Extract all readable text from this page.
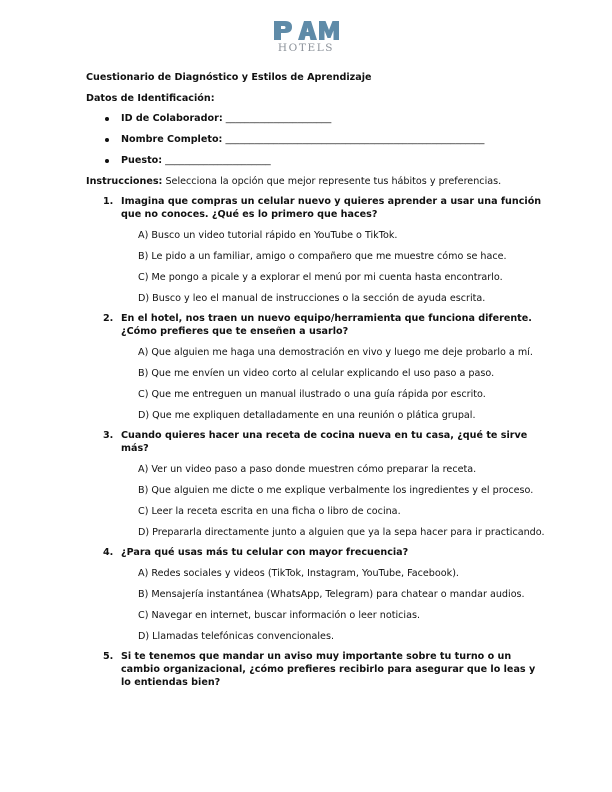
HOTELS
Cuestionario de Diagnóstico y Estilos de Aprendizaje
Datos de Identificación:
ID de Colaborador: ______________________
Nombre Completo: ______________________________________________________
Puesto: ______________________
Instrucciones: Selecciona la opción que mejor represente tus hábitos y preferencias.
1. Imagina que compras un celular nuevo y quieres aprender a usar una función que no conoces. ¿Qué es lo primero que haces?
A) Busco un video tutorial rápido en YouTube o TikTok.
B) Le pido a un familiar, amigo o compañero que me muestre cómo se hace.
C) Me pongo a picale y a explorar el menú por mi cuenta hasta encontrarlo.
D) Busco y leo el manual de instrucciones o la sección de ayuda escrita.
2. En el hotel, nos traen un nuevo equipo/herramienta que funciona diferente. ¿Cómo prefieres que te enseñen a usarlo?
A) Que alguien me haga una demostración en vivo y luego me deje probarlo a mí.
B) Que me envíen un video corto al celular explicando el uso paso a paso.
C) Que me entreguen un manual ilustrado o una guía rápida por escrito.
D) Que me expliquen detalladamente en una reunión o plática grupal.
3. Cuando quieres hacer una receta de cocina nueva en tu casa, ¿qué te sirve más?
A) Ver un video paso a paso donde muestren cómo preparar la receta.
B) Que alguien me dicte o me explique verbalmente los ingredientes y el proceso.
C) Leer la receta escrita en una ficha o libro de cocina.
D) Prepararla directamente junto a alguien que ya la sepa hacer para ir practicando.
4. ¿Para qué usas más tu celular con mayor frecuencia?
A) Redes sociales y videos (TikTok, Instagram, YouTube, Facebook).
B) Mensajería instantánea (WhatsApp, Telegram) para chatear o mandar audios.
C) Navegar en internet, buscar información o leer noticias.
D) Llamadas telefónicas convencionales.
5. Si te tenemos que mandar un aviso muy importante sobre tu turno o un cambio organizacional, ¿cómo prefieres recibirlo para asegurar que lo leas y lo entiendas bien?
